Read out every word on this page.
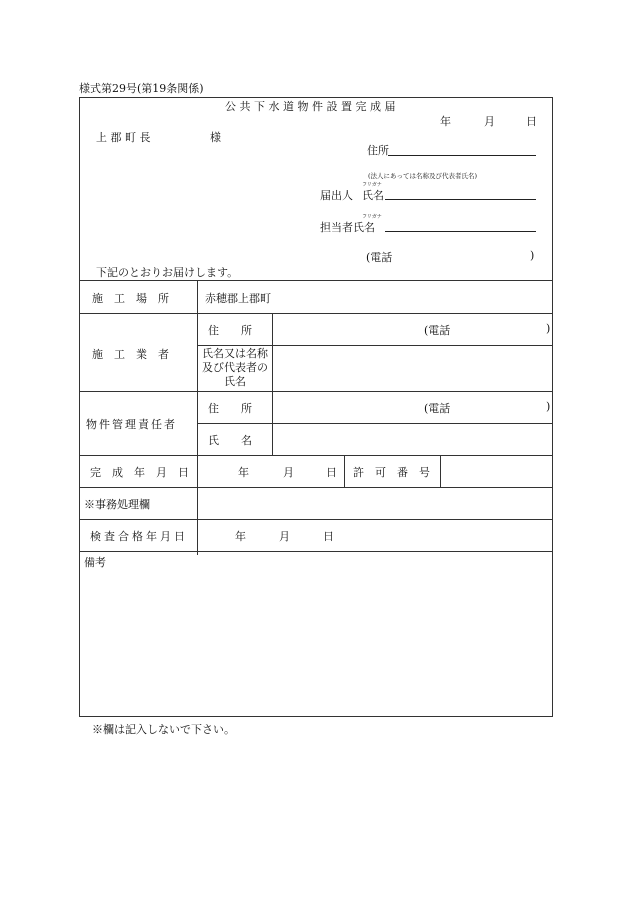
様式第29号(第19条関係)
公 共 下 水 道 物 件 設 置 完 成 届
年	月	日
上 郡 町 長	様
住所
(法人にあっては名称及び代表者氏名)
フリガナ
届出人 氏名
フリガナ
担当者氏名
(電話	)
下記のとおりお届けします。
施　工　場　所	赤穂郡上郡町
施　工　業　者
住　　所	(電話	)
氏名又は名称及び代表者の氏名
物件管理責任者
住　　所	(電話	)
氏　　名
完　成　年　月　日	年	月	日 許　可　番　号
※事務処理欄
検査合格年月日	年	月	日
備考
※欄は記入しないで下さい。
